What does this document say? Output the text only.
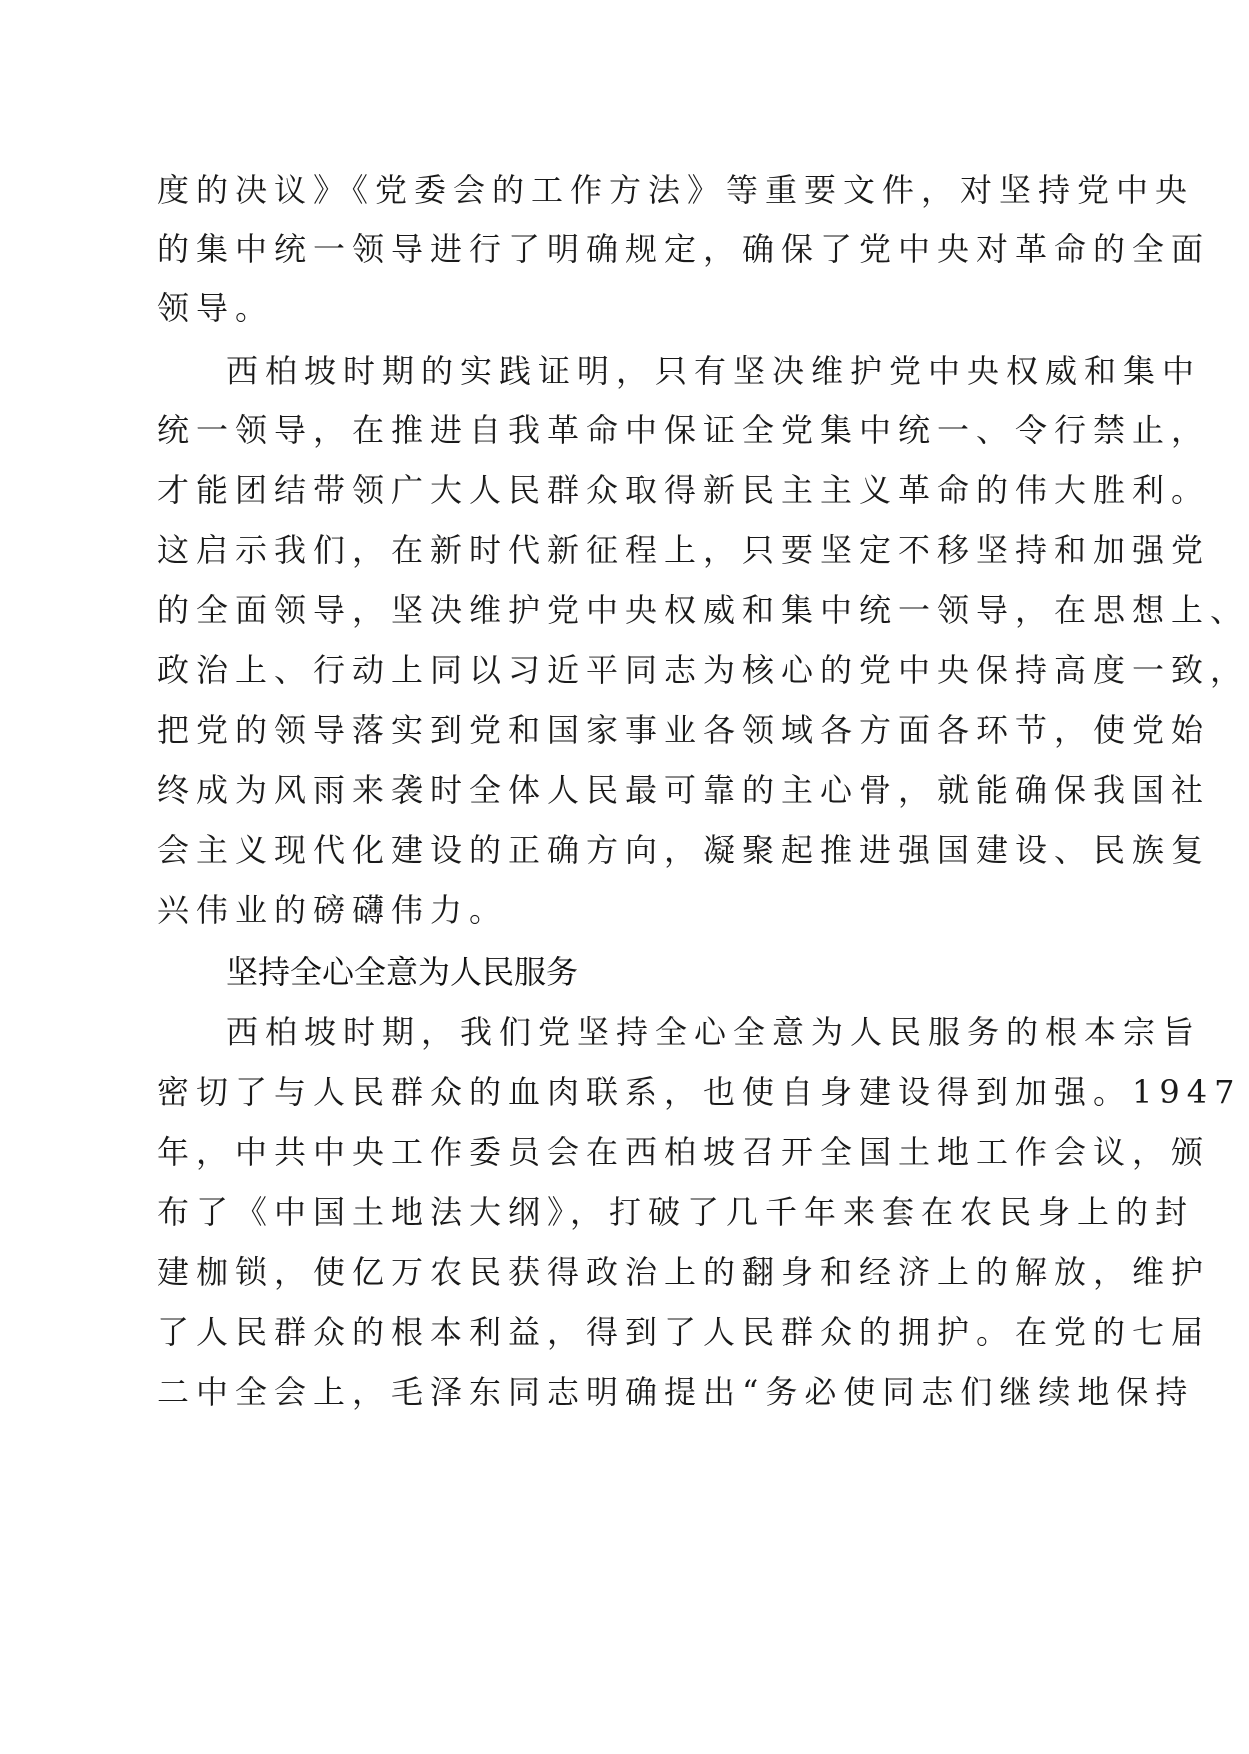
度的决议》《党委会的工作方法》等重要文件，对坚持党中央
的集中统一领导进行了明确规定，确保了党中央对革命的全面
领导。
西柏坡时期的实践证明，只有坚决维护党中央权威和集中
统一领导，在推进自我革命中保证全党集中统一、令行禁止，
才能团结带领广大人民群众取得新民主主义革命的伟大胜利。
这启示我们，在新时代新征程上，只要坚定不移坚持和加强党
的全面领导，坚决维护党中央权威和集中统一领导，在思想上、
政治上、行动上同以习近平同志为核心的党中央保持高度一致，
把党的领导落实到党和国家事业各领域各方面各环节，使党始
终成为风雨来袭时全体人民最可靠的主心骨，就能确保我国社
会主义现代化建设的正确方向，凝聚起推进强国建设、民族复
兴伟业的磅礴伟力。
坚持全心全意为人民服务
西柏坡时期，我们党坚持全心全意为人民服务的根本宗旨
密切了与人民群众的血肉联系，也使自身建设得到加强。1947
年，中共中央工作委员会在西柏坡召开全国土地工作会议，颁
布了《中国土地法大纲》，打破了几千年来套在农民身上的封
建枷锁，使亿万农民获得政治上的翻身和经济上的解放，维护
了人民群众的根本利益，得到了人民群众的拥护。在党的七届
二中全会上，毛泽东同志明确提出“务必使同志们继续地保持
